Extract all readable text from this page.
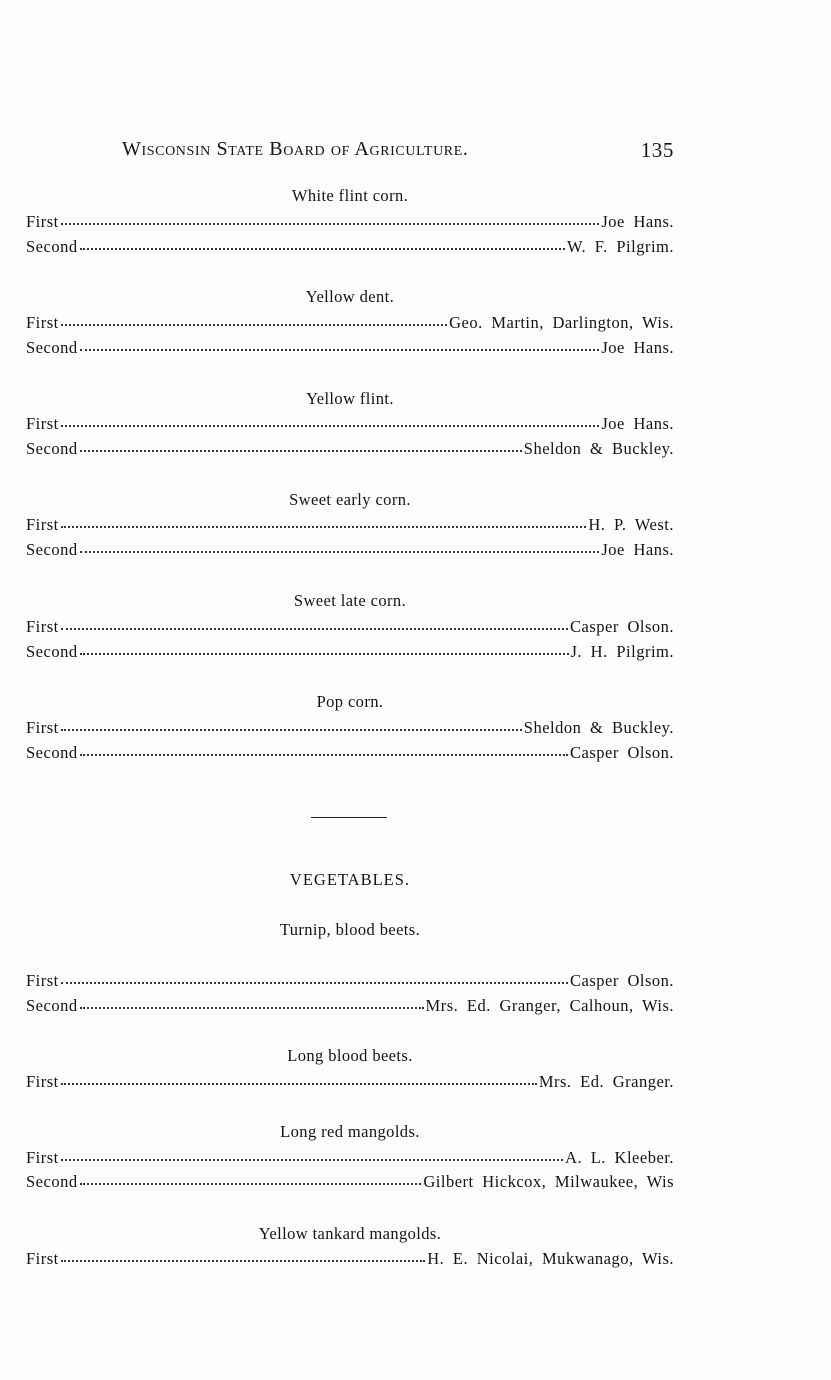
Wisconsin State Board of Agriculture.	135
White flint corn.
First	Joe Hans.
Second	W. F. Pilgrim.
Yellow dent.
First	Geo. Martin, Darlington, Wis.
Second	Joe Hans.
Yellow flint.
First	Joe Hans.
Second	Sheldon & Buckley.
Sweet early corn.
First	H. P. West.
Second	Joe Hans.
Sweet late corn.
First	Casper Olson.
Second	J. H. Pilgrim.
Pop corn.
First	Sheldon & Buckley.
Second	Casper Olson.
VEGETABLES.
Turnip, blood beets.
First	Casper Olson.
Second	Mrs. Ed. Granger, Calhoun, Wis.
Long blood beets.
First	Mrs. Ed. Granger.
Long red mangolds.
First	A. L. Kleeber.
Second	Gilbert Hickcox, Milwaukee, Wis
Yellow tankard mangolds.
First	H. E. Nicolai, Mukwanago, Wis.
